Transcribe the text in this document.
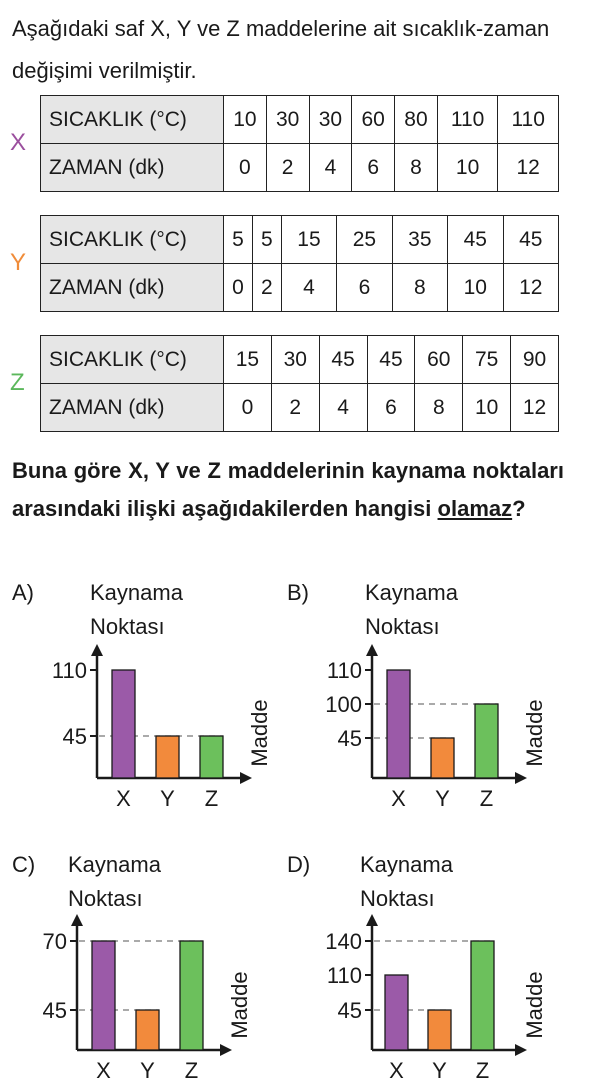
Aşağıdaki saf X, Y ve Z maddelerine ait sıcaklık-zaman değişimi verilmiştir.
X
SICAKLIK (°C)	10	30	30	60	80	110	110
ZAMAN (dk)	0	2	4	6	8	10	12
Y
SICAKLIK (°C)	5	5	15	25	35	45	45
ZAMAN (dk)	0	2	4	6	8	10	12
Z
SICAKLIK (°C)	15	30	45	45	60	75	90
ZAMAN (dk)	0	2	4	6	8	10	12
Buna göre X, Y ve Z maddelerinin kaynama noktaları arasındaki ilişki aşağıdakilerden hangisi olamaz?
A)	Kaynama
Noktası
Madde
110
45
X Y Z
B)	Kaynama
Noktası
Madde
110
100
45
X Y Z
C) Kaynama
Noktası
Madde
70
45
X Y Z
D) Kaynama
Noktası
Madde
140
110
45
X Y Z
